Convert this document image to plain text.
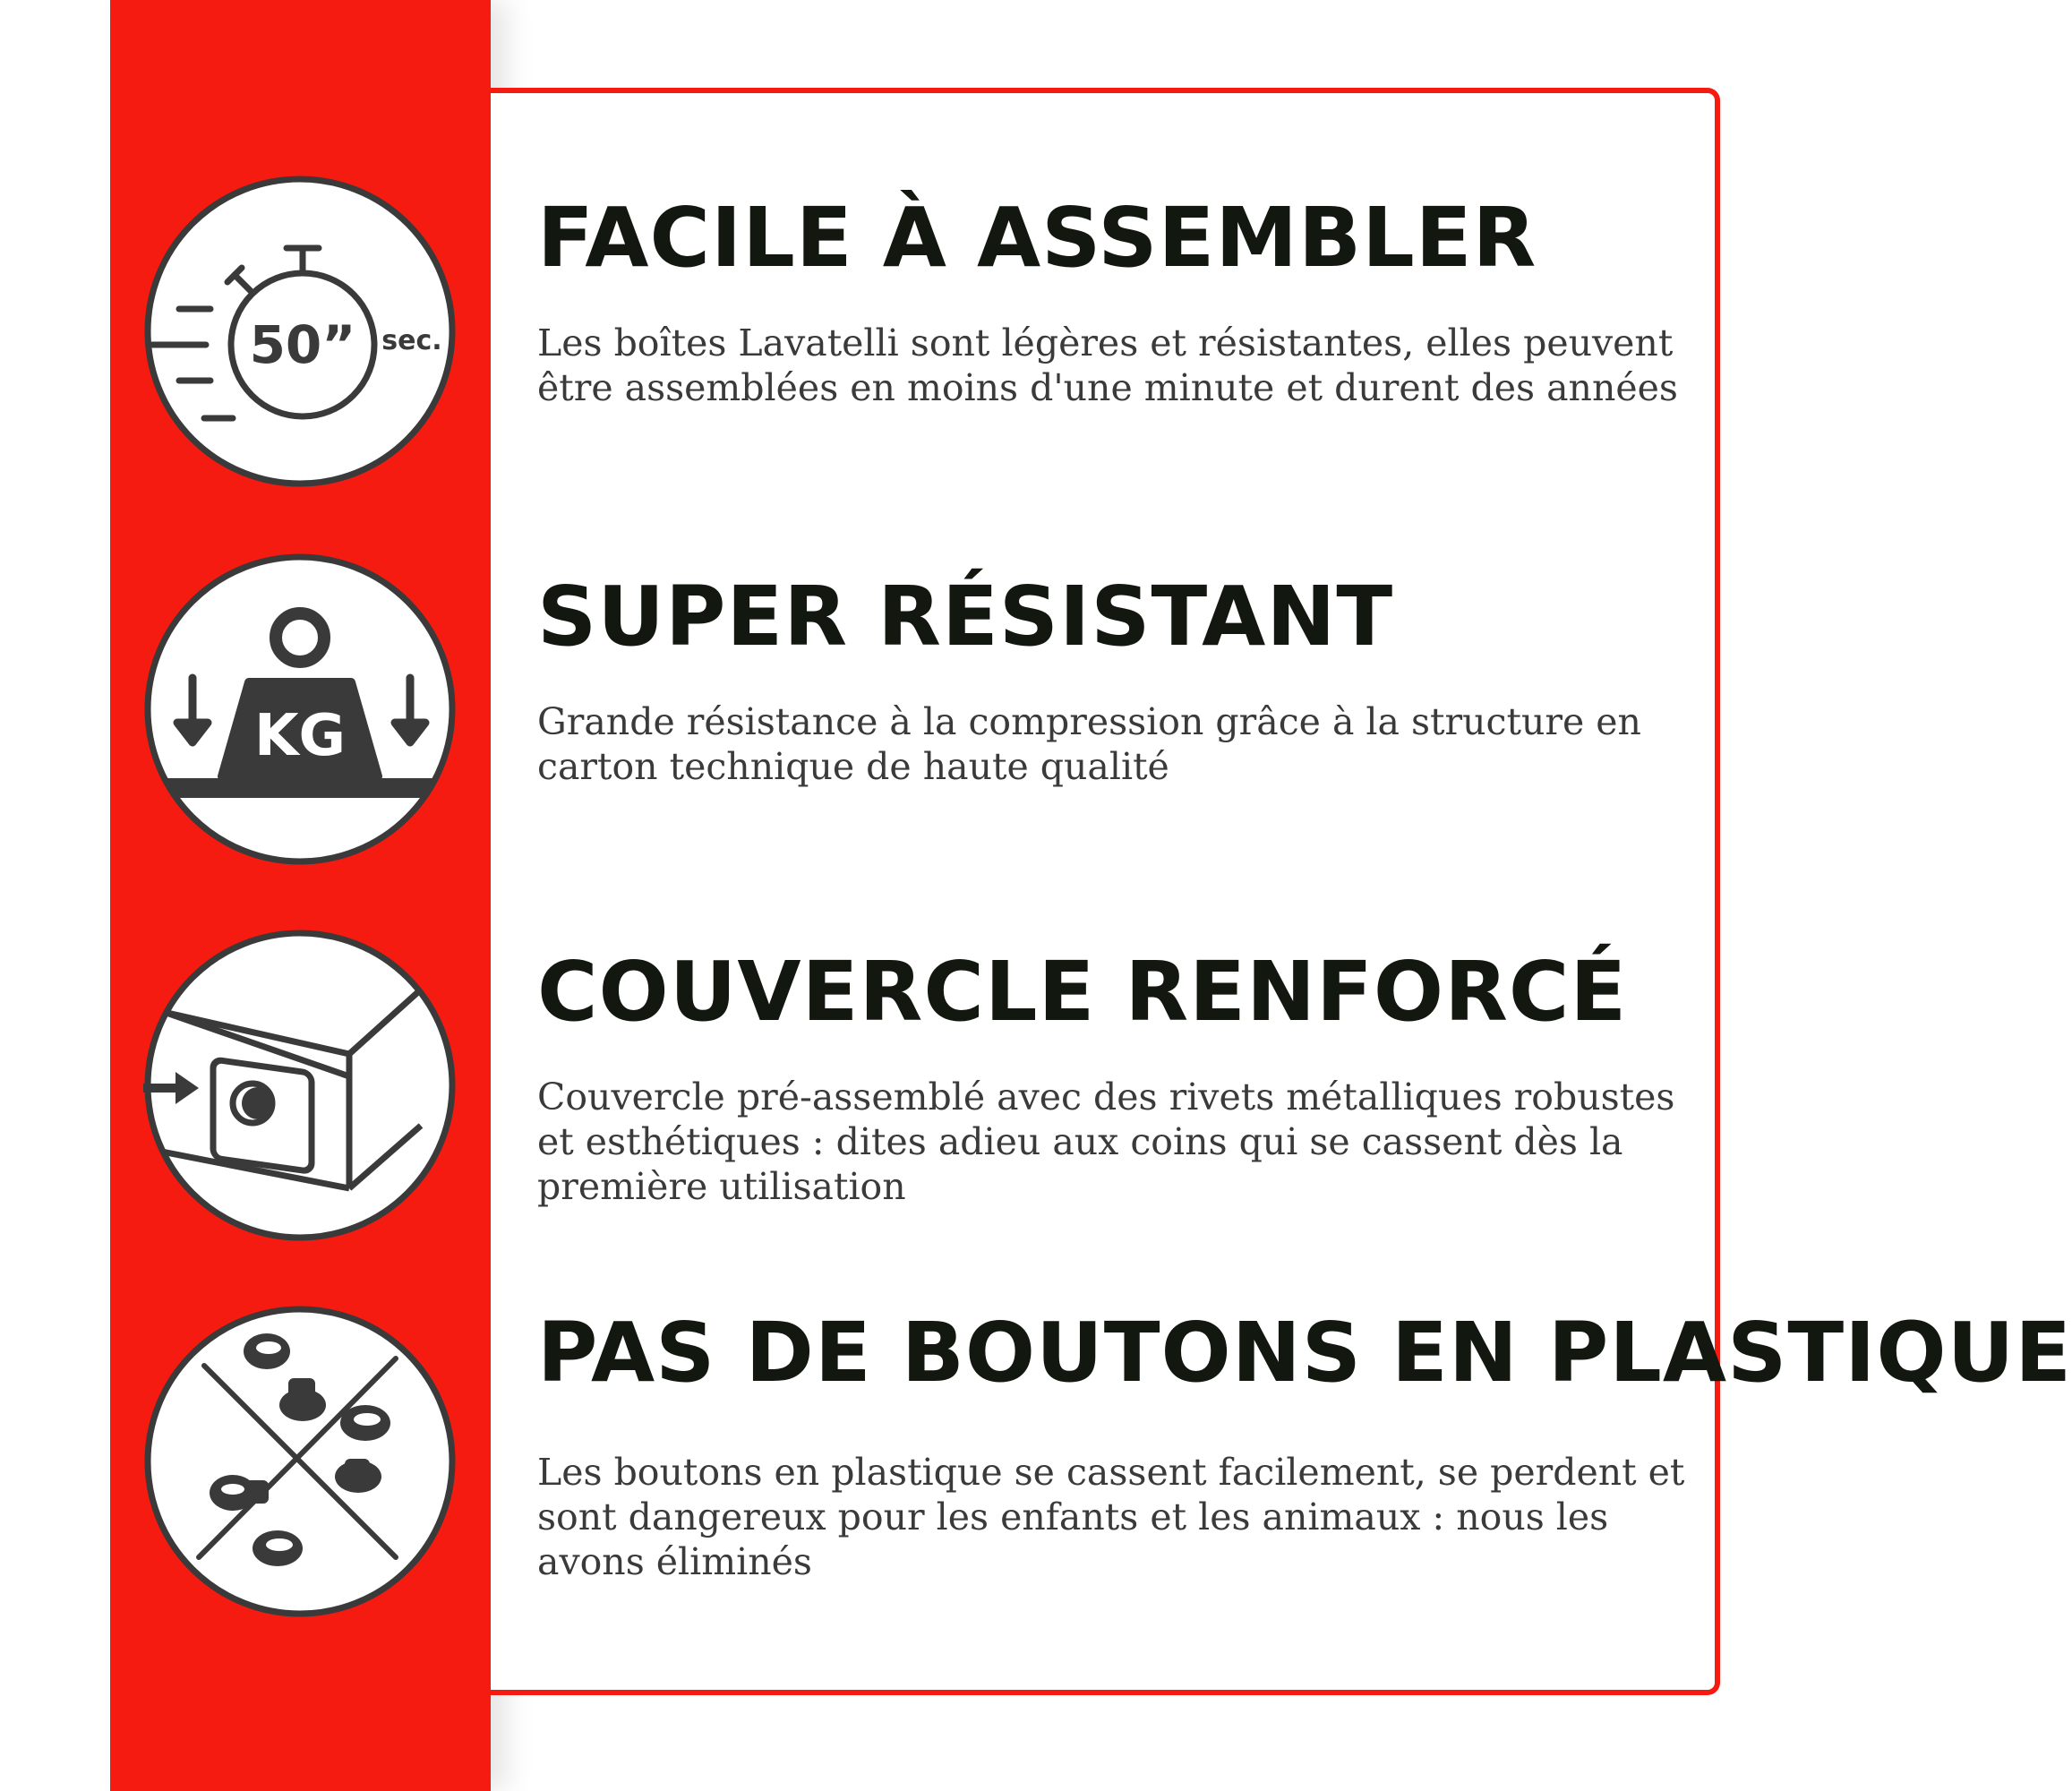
50” sec.
KG
FACILE À ASSEMBLER

Les boîtes Lavatelli sont légères et résistantes, elles peuvent être assemblées en moins d'une minute et durent des années

SUPER RÉSISTANT

Grande résistance à la compression grâce à la structure en carton technique de haute qualité

COUVERCLE RENFORCÉ

Couvercle pré-assemblé avec des rivets métalliques robustes et esthétiques : dites adieu aux coins qui se cassent dès la première utilisation

PAS DE BOUTONS EN PLASTIQUE

Les boutons en plastique se cassent facilement, se perdent et sont dangereux pour les enfants et les animaux : nous les avons éliminés
